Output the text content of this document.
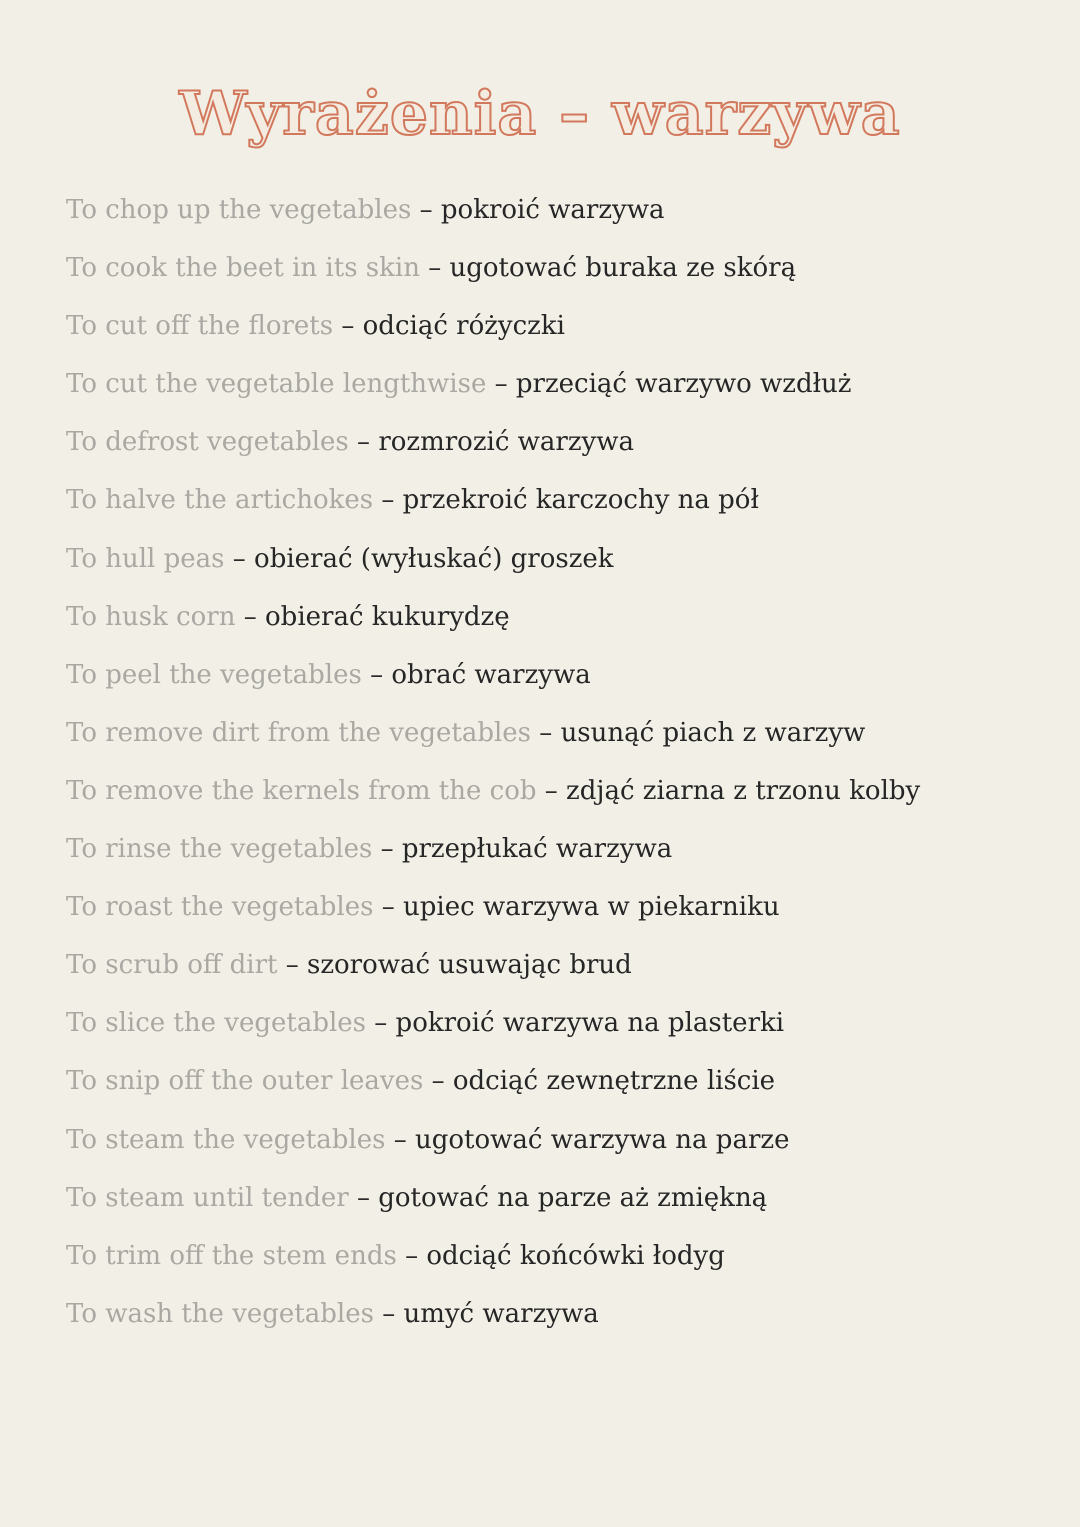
Wyrażenia – warzywa
To chop up the vegetables – pokroić warzywa
To cook the beet in its skin – ugotować buraka ze skórą
To cut off the florets – odciąć różyczki
To cut the vegetable lengthwise – przeciąć warzywo wzdłuż
To defrost vegetables – rozmrozić warzywa
To halve the artichokes – przekroić karczochy na pół
To hull peas – obierać (wyłuskać) groszek
To husk corn – obierać kukurydzę
To peel the vegetables – obrać warzywa
To remove dirt from the vegetables – usunąć piach z warzyw
To remove the kernels from the cob – zdjąć ziarna z trzonu kolby
To rinse the vegetables – przepłukać warzywa
To roast the vegetables – upiec warzywa w piekarniku
To scrub off dirt – szorować usuwając brud
To slice the vegetables – pokroić warzywa na plasterki
To snip off the outer leaves – odciąć zewnętrzne liście
To steam the vegetables – ugotować warzywa na parze
To steam until tender – gotować na parze aż zmiękną
To trim off the stem ends – odciąć końcówki łodyg
To wash the vegetables – umyć warzywa
